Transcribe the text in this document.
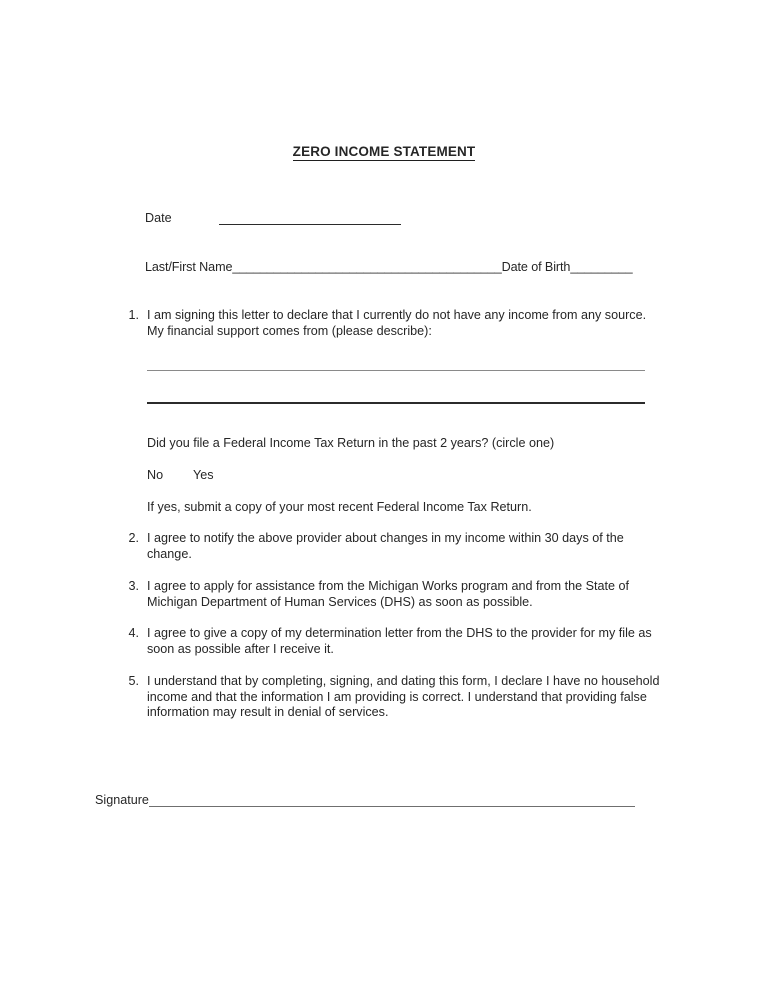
ZERO INCOME STATEMENT
Date
Last/First Name_______________________________________Date of Birth_________
1. I am signing this letter to declare that I currently do not have any income from any source. My financial support comes from (please describe):
Did you file a Federal Income Tax Return in the past 2 years? (circle one)
No Yes
If yes, submit a copy of your most recent Federal Income Tax Return.
2. I agree to notify the above provider about changes in my income within 30 days of the change.
3. I agree to apply for assistance from the Michigan Works program and from the State of Michigan Department of Human Services (DHS) as soon as possible.
4. I agree to give a copy of my determination letter from the DHS to the provider for my file as soon as possible after I receive it.
5. I understand that by completing, signing, and dating this form, I declare I have no household income and that the information I am providing is correct. I understand that providing false information may result in denial of services.
Signature
